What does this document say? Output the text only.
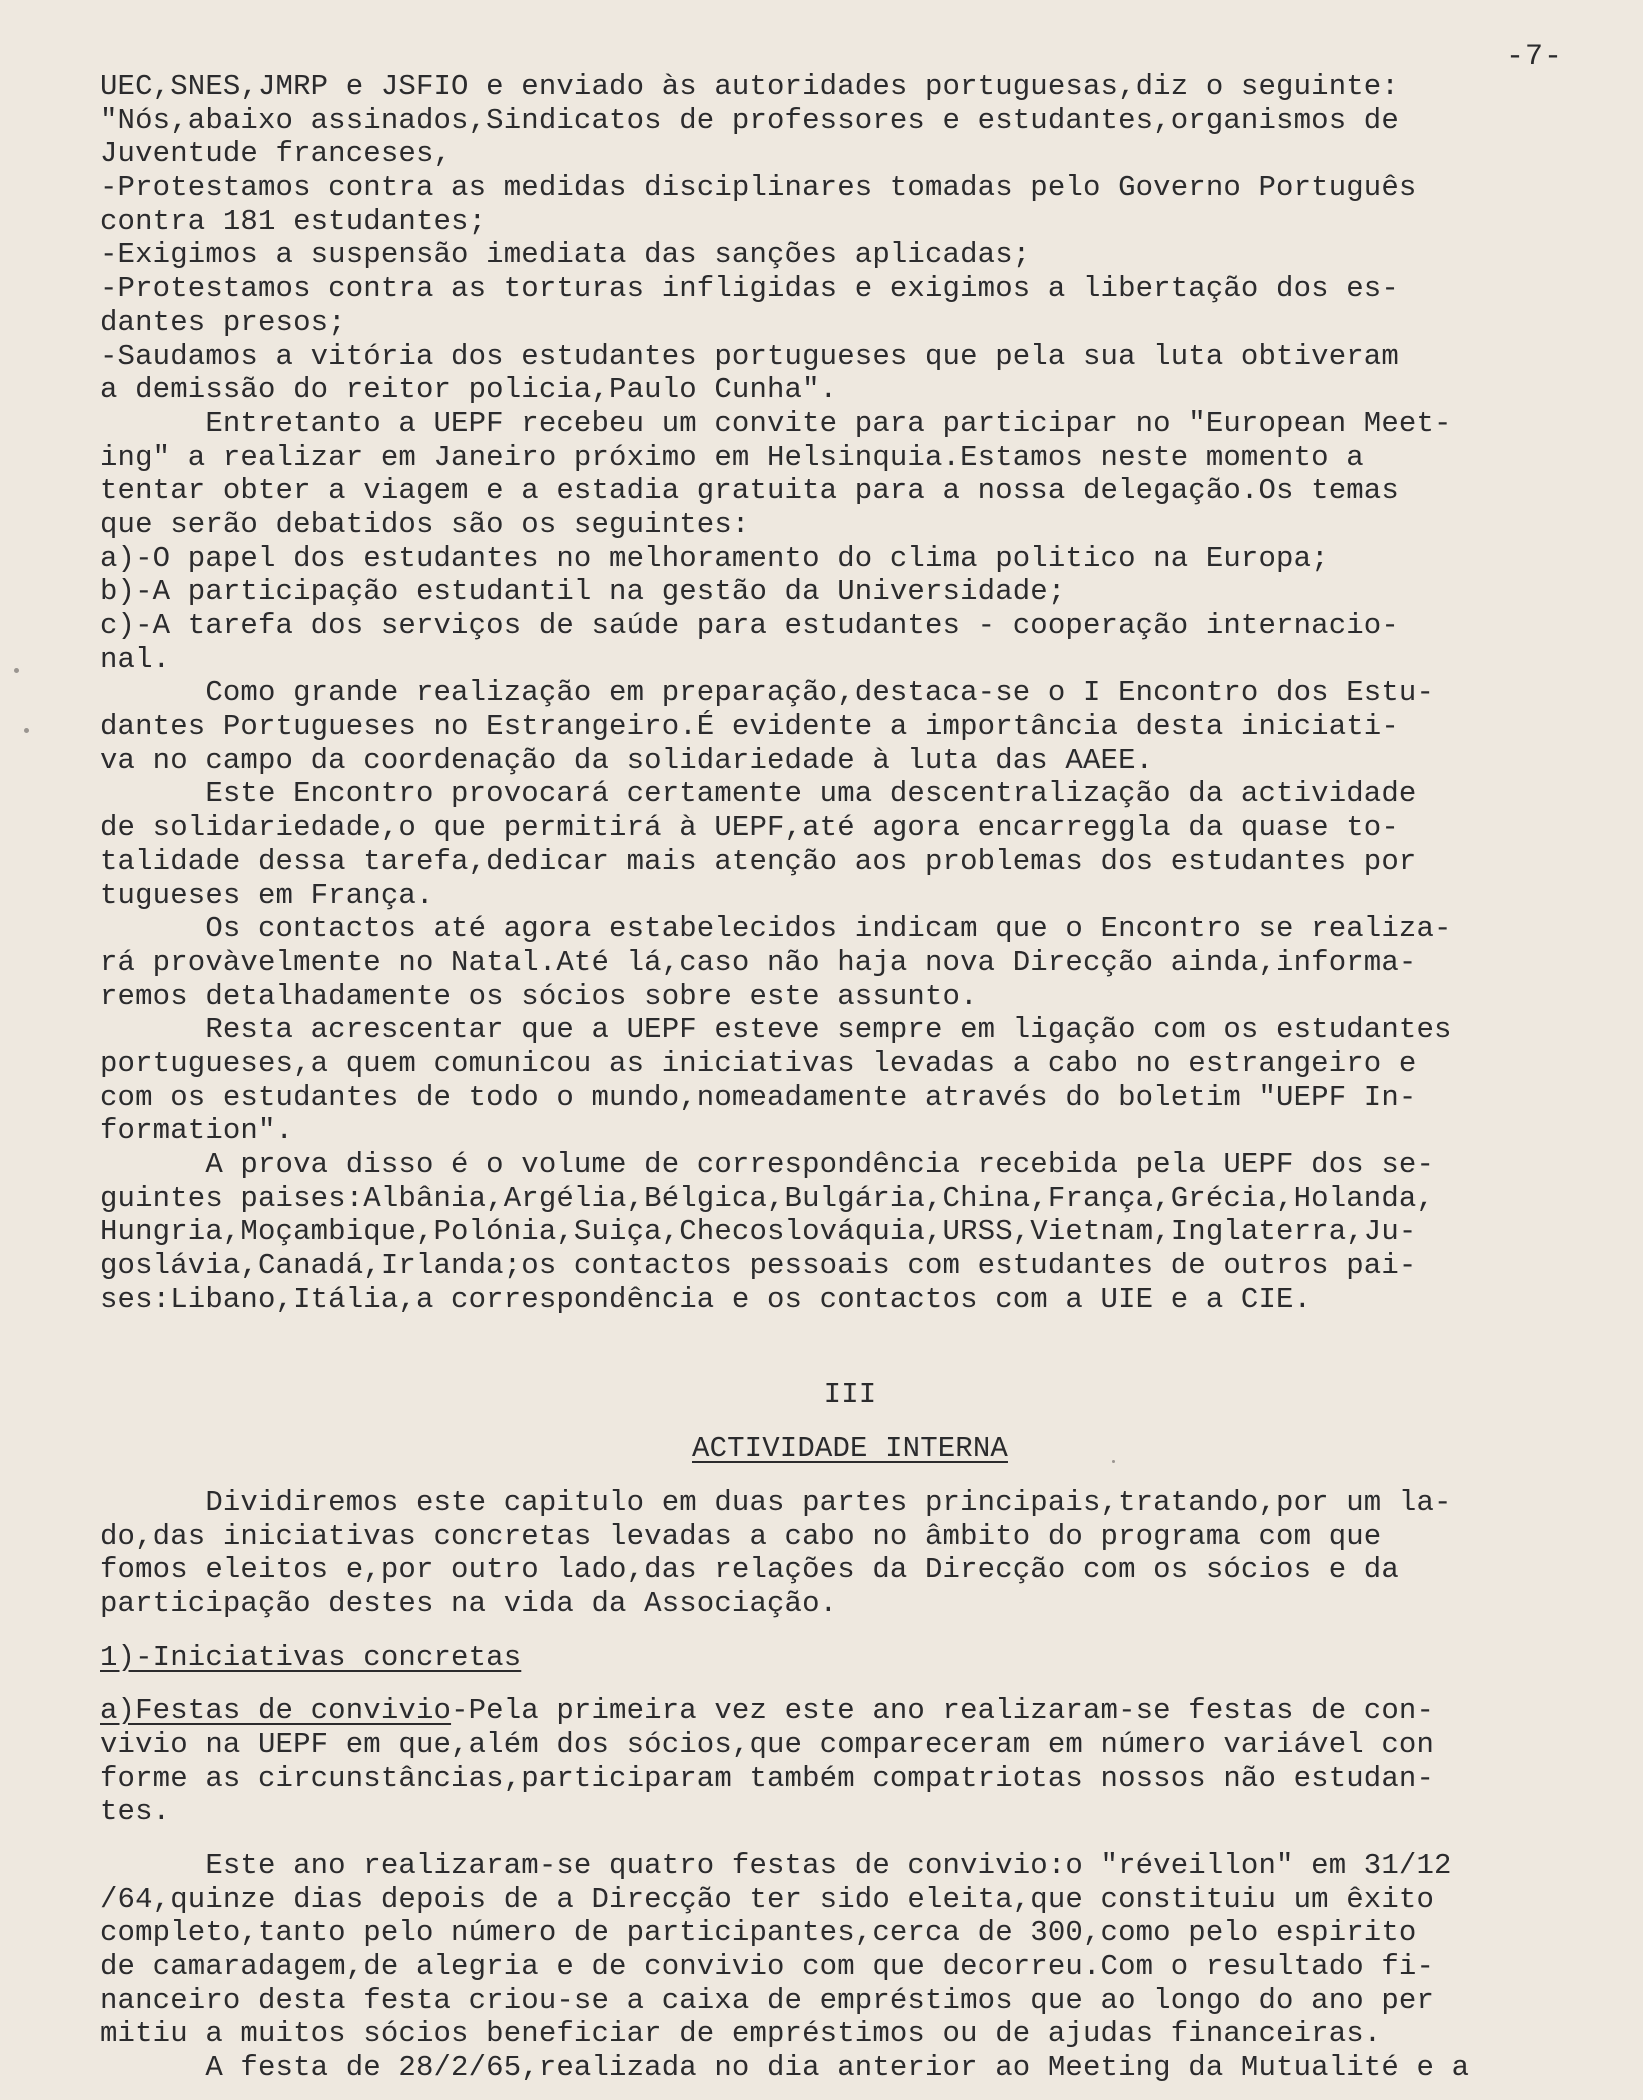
-7-
UEC,SNES,JMRP e JSFIO e enviado às autoridades portuguesas,diz o seguinte:
"Nós,abaixo assinados,Sindicatos de professores e estudantes,organismos de
Juventude franceses,
-Protestamos contra as medidas disciplinares tomadas pelo Governo Português
contra 181 estudantes;
-Exigimos a suspensão imediata das sanções aplicadas;
-Protestamos contra as torturas infligidas e exigimos a libertação dos es-
dantes presos;
-Saudamos a vitória dos estudantes portugueses que pela sua luta obtiveram
a demissão do reitor policia,Paulo Cunha".
Entretanto a UEPF recebeu um convite para participar no "European Meet-
ing" a realizar em Janeiro próximo em Helsinquia.Estamos neste momento a
tentar obter a viagem e a estadia gratuita para a nossa delegação.Os temas
que serão debatidos são os seguintes:
a)-O papel dos estudantes no melhoramento do clima politico na Europa;
b)-A participação estudantil na gestão da Universidade;
c)-A tarefa dos serviços de saúde para estudantes - cooperação internacio-
nal.
Como grande realização em preparação,destaca-se o I Encontro dos Estu-
dantes Portugueses no Estrangeiro.É evidente a importância desta iniciati-
va no campo da coordenação da solidariedade à luta das AAEE.
Este Encontro provocará certamente uma descentralização da actividade
de solidariedade,o que permitirá à UEPF,até agora encarreggla da quase to-
talidade dessa tarefa,dedicar mais atenção aos problemas dos estudantes por
tugueses em França.
Os contactos até agora estabelecidos indicam que o Encontro se realiza-
rá provàvelmente no Natal.Até lá,caso não haja nova Direcção ainda,informa-
remos detalhadamente os sócios sobre este assunto.
Resta acrescentar que a UEPF esteve sempre em ligação com os estudantes
portugueses,a quem comunicou as iniciativas levadas a cabo no estrangeiro e
com os estudantes de todo o mundo,nomeadamente através do boletim "UEPF In-
formation".
A prova disso é o volume de correspondência recebida pela UEPF dos se-
guintes paises:Albânia,Argélia,Bélgica,Bulgária,China,França,Grécia,Holanda,
Hungria,Moçambique,Polónia,Suiça,Checoslováquia,URSS,Vietnam,Inglaterra,Ju-
goslávia,Canadá,Irlanda;os contactos pessoais com estudantes de outros pai-
ses:Libano,Itália,a correspondência e os contactos com a UIE e a CIE.
III
ACTIVIDADE INTERNA
Dividiremos este capitulo em duas partes principais,tratando,por um la-
do,das iniciativas concretas levadas a cabo no âmbito do programa com que
fomos eleitos e,por outro lado,das relações da Direcção com os sócios e da
participação destes na vida da Associação.
1)-Iniciativas concretas
a)Festas de convivio-Pela primeira vez este ano realizaram-se festas de con-
vivio na UEPF em que,além dos sócios,que compareceram em número variável con
forme as circunstâncias,participaram também compatriotas nossos não estudan-
tes.
Este ano realizaram-se quatro festas de convivio:o "réveillon" em 31/12
/64,quinze dias depois de a Direcção ter sido eleita,que constituiu um êxito
completo,tanto pelo número de participantes,cerca de 300,como pelo espirito
de camaradagem,de alegria e de convivio com que decorreu.Com o resultado fi-
nanceiro desta festa criou-se a caixa de empréstimos que ao longo do ano per
mitiu a muitos sócios beneficiar de empréstimos ou de ajudas financeiras.
A festa de 28/2/65,realizada no dia anterior ao Meeting da Mutualité e a
